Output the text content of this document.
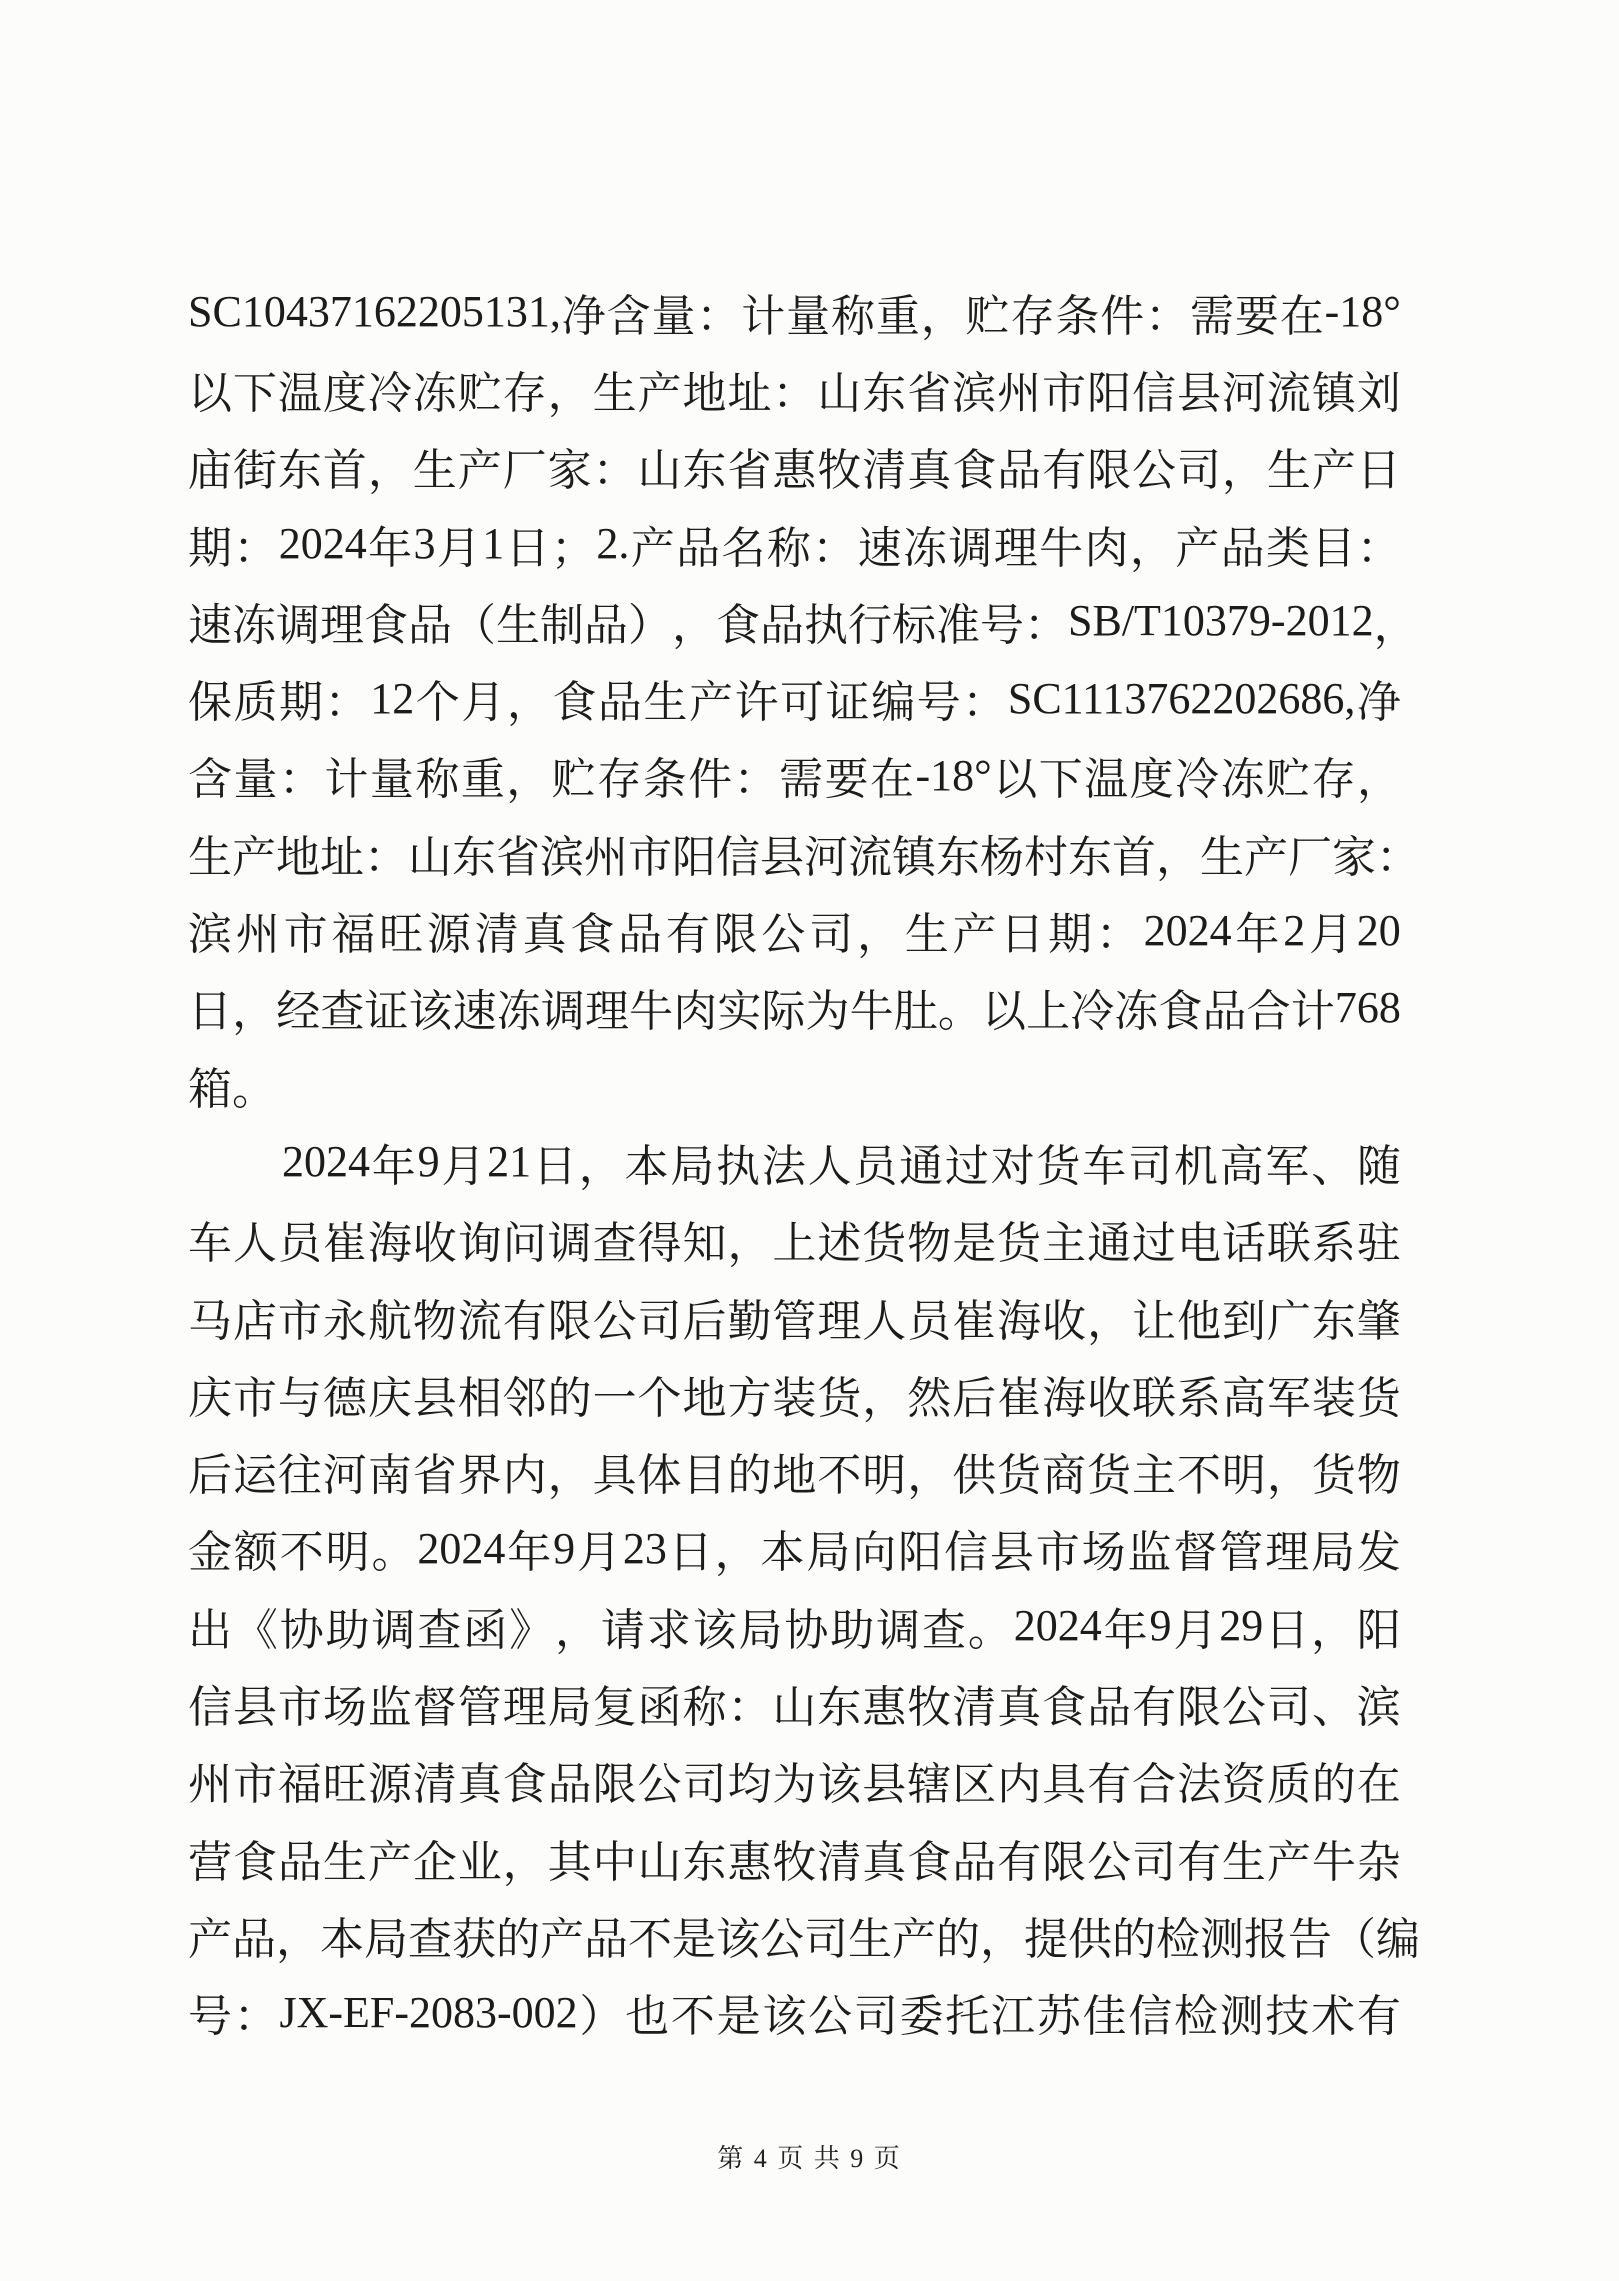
SC10437162205131, 净 含 量 ： 计 量 称 重 ， 贮 存 条 件 ： 需 要 在 -18°
以 下 温 度 冷 冻 贮 存 ， 生 产 地 址 ： 山 东 省 滨 州 市 阳 信 县 河 流 镇 刘
庙 街 东 首 ， 生 产 厂 家 ： 山 东 省 惠 牧 清 真 食 品 有 限 公 司 ， 生 产 日
期 ： 2024 年 3 月 1 日 ； 2. 产 品 名 称 ： 速 冻 调 理 牛 肉 ， 产 品 类 目 ：
速 冻 调 理 食 品 （ 生 制 品 ） ， 食 品 执 行 标 准 号 ： SB/T 10379-2012 ，
保 质 期 ： 12 个 月 ， 食 品 生 产 许 可 证 编 号 ： SC1113762202686, 净
含 量 ： 计 量 称 重 ， 贮 存 条 件 ： 需 要 在 -18° 以 下 温 度 冷 冻 贮 存 ，
生 产 地 址 ： 山 东 省 滨 州 市 阳 信 县 河 流 镇 东 杨 村 东 首 ， 生 产 厂 家 ：
滨 州 市 福 旺 源 清 真 食 品 有 限 公 司 ， 生 产 日 期 ： 2024 年 2 月 20
日 ， 经 查 证 该 速 冻 调 理 牛 肉 实 际 为 牛 肚 。 以 上 冷 冻 食 品 合 计 768
箱 。
2024 年 9 月 21 日 ， 本 局 执 法 人 员 通 过 对 货 车 司 机 高 军 、 随
车 人 员 崔 海 收 询 问 调 查 得 知 ， 上 述 货 物 是 货 主 通 过 电 话 联 系 驻
马 店 市 永 航 物 流 有 限 公 司 后 勤 管 理 人 员 崔 海 收 ， 让 他 到 广 东 肇
庆 市 与 德 庆 县 相 邻 的 一 个 地 方 装 货 ， 然 后 崔 海 收 联 系 高 军 装 货
后 运 往 河 南 省 界 内 ， 具 体 目 的 地 不 明 ， 供 货 商 货 主 不 明 ， 货 物
金 额 不 明 。 2024 年 9 月 23 日 ， 本 局 向 阳 信 县 市 场 监 督 管 理 局 发
出 《 协 助 调 查 函 》 ， 请 求 该 局 协 助 调 查 。 2024 年 9 月 29 日 ， 阳
信 县 市 场 监 督 管 理 局 复 函 称 ： 山 东 惠 牧 清 真 食 品 有 限 公 司 、 滨
州 市 福 旺 源 清 真 食 品 限 公 司 均 为 该 县 辖 区 内 具 有 合 法 资 质 的 在
营 食 品 生 产 企 业 ， 其 中 山 东 惠 牧 清 真 食 品 有 限 公 司 有 生 产 牛 杂
产 品 ， 本 局 查 获 的 产 品 不 是 该 公 司 生 产 的 ， 提 供 的 检 测 报 告 （ 编
号 ： JX-EF-2083-002 ） 也 不 是 该 公 司 委 托 江 苏 佳 信 检 测 技 术 有
第 4 页 共 9 页
